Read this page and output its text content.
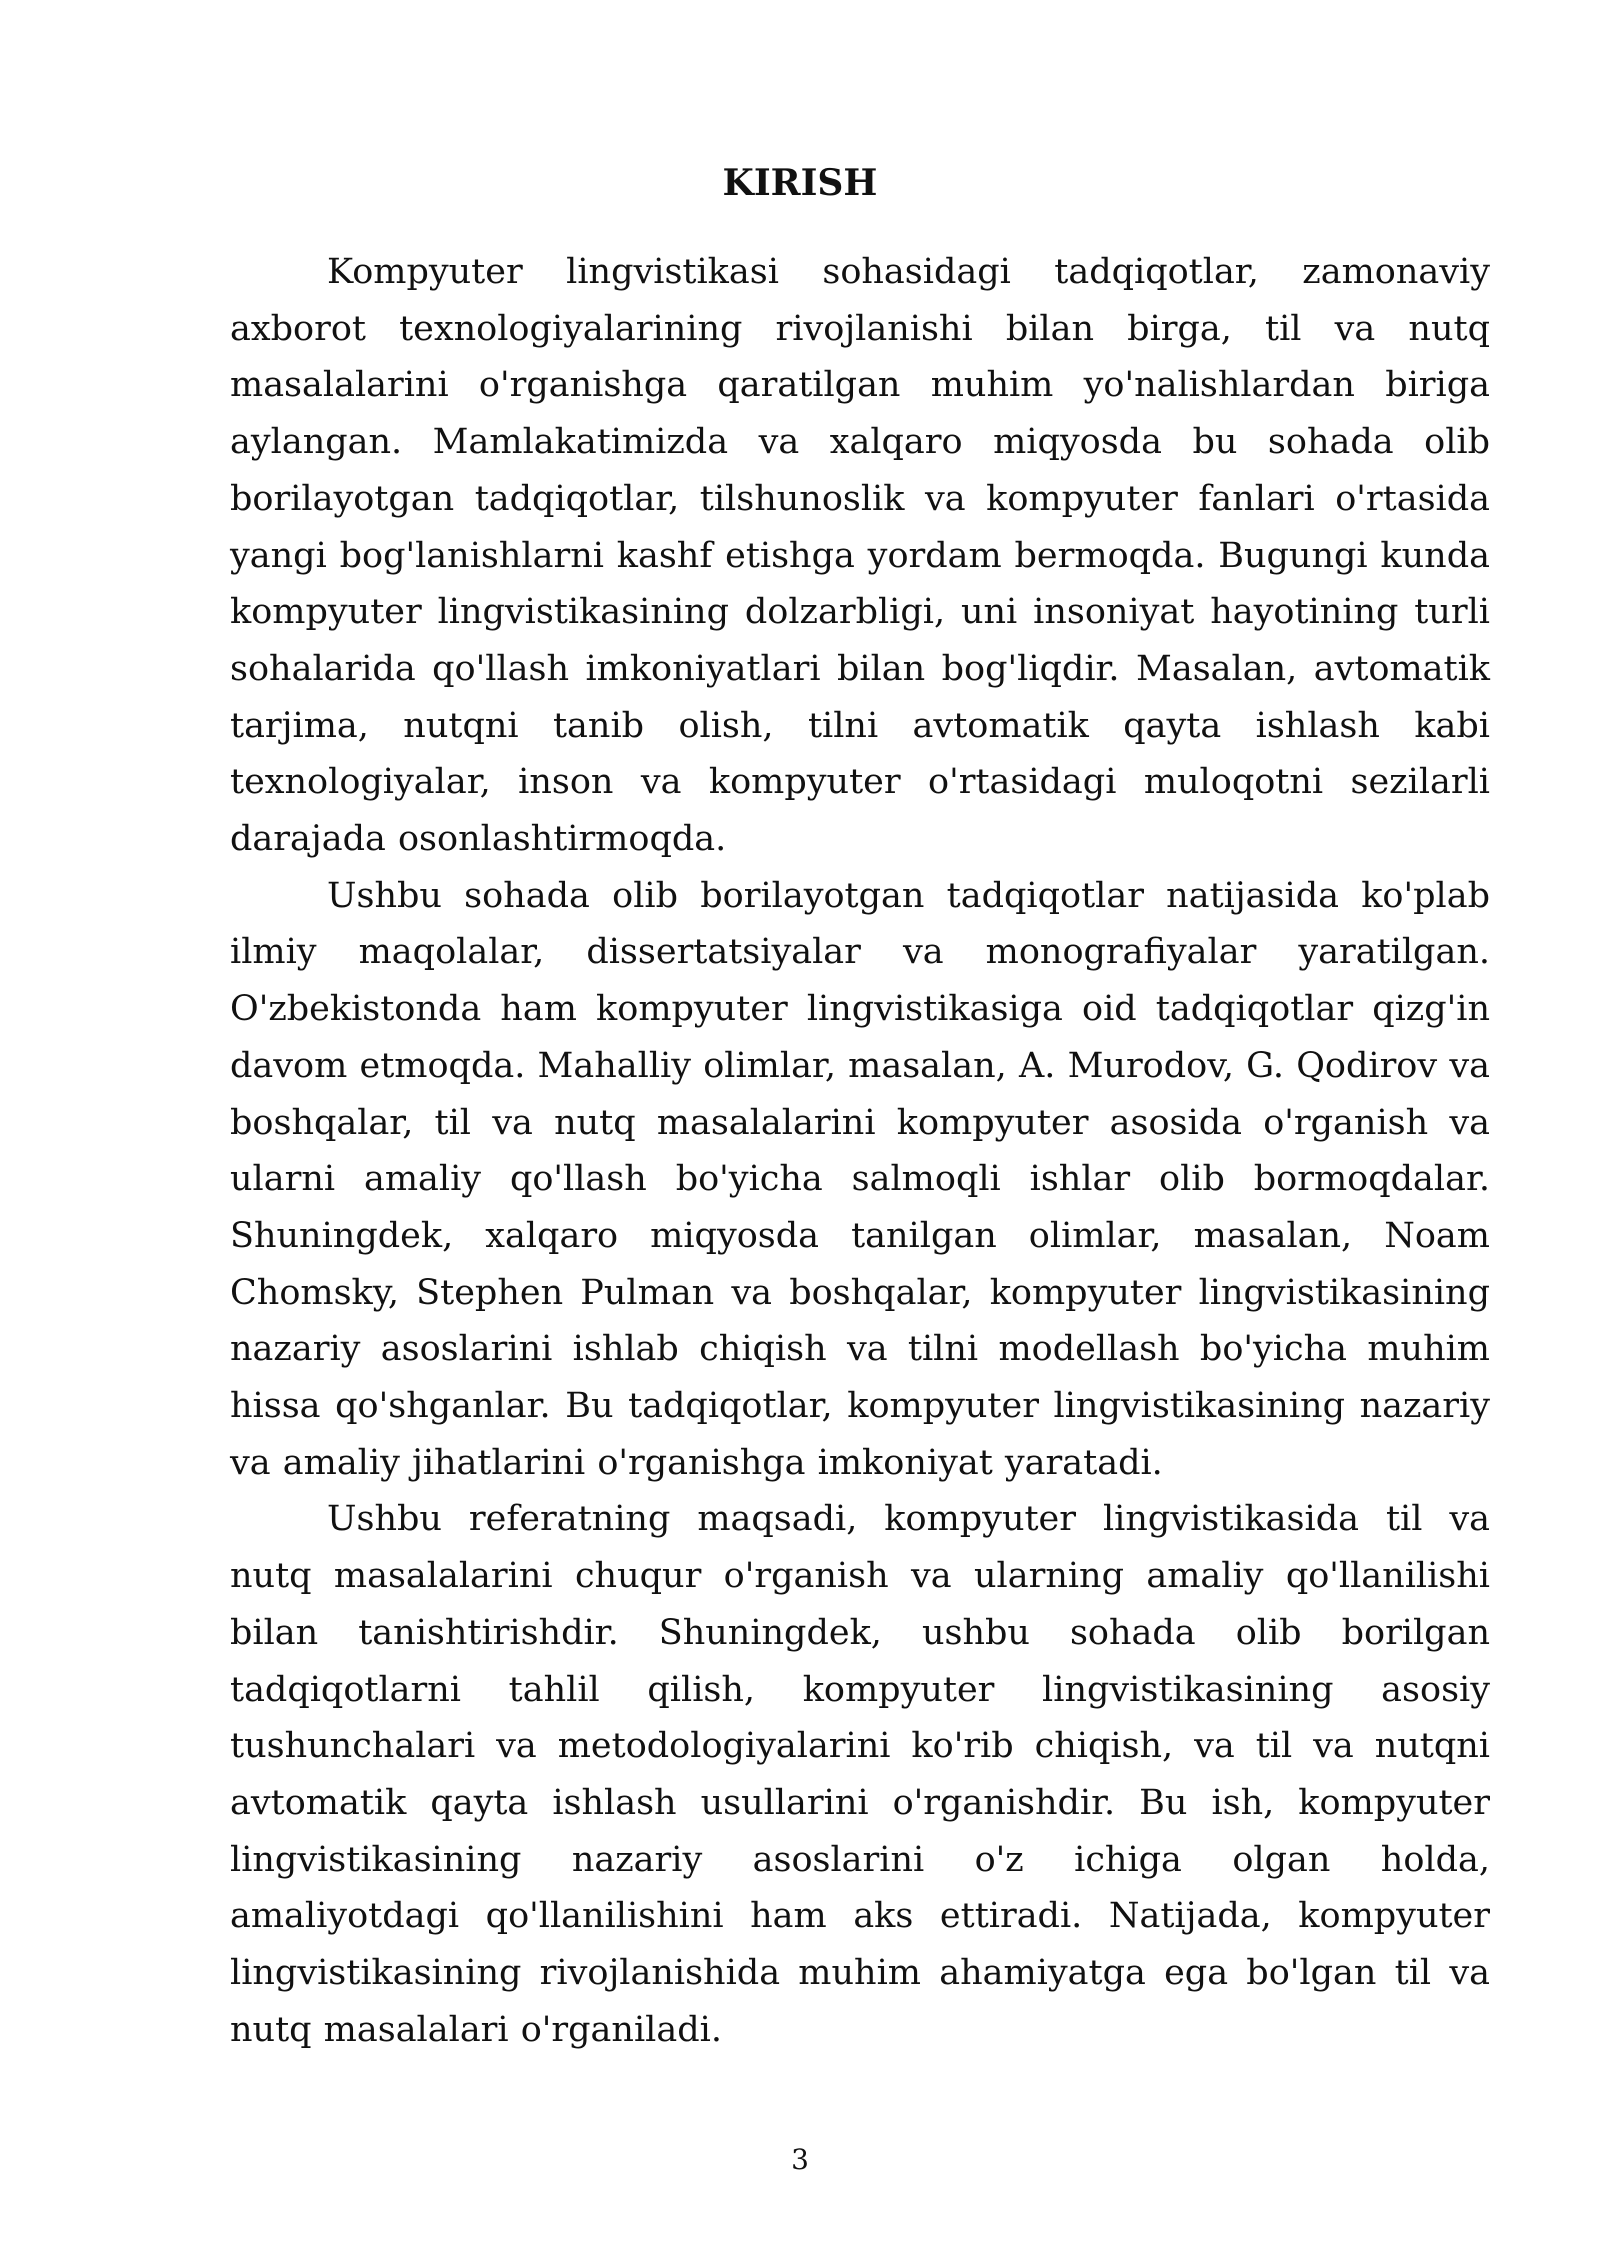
KIRISH

Kompyuter lingvistikasi sohasidagi tadqiqotlar, zamonaviy axborot texnologiyalarining rivojlanishi bilan birga, til va nutq masalalarini o'rganishga qaratilgan muhim yo'nalishlardan biriga aylangan. Mamlakatimizda va xalqaro miqyosda bu sohada olib borilayotgan tadqiqotlar, tilshunoslik va kompyuter fanlari o'rtasida yangi bog'lanishlarni kashf etishga yordam bermoqda. Bugungi kunda kompyuter lingvistikasining dolzarbligi, uni insoniyat hayotining turli sohalarida qo'llash imkoniyatlari bilan bog'liqdir. Masalan, avtomatik tarjima, nutqni tanib olish, tilni avtomatik qayta ishlash kabi texnologiyalar, inson va kompyuter o'rtasidagi muloqotni sezilarli darajada osonlashtirmoqda.

Ushbu sohada olib borilayotgan tadqiqotlar natijasida ko'plab ilmiy maqolalar, dissertatsiyalar va monografiyalar yaratilgan. O'zbekistonda ham kompyuter lingvistikasiga oid tadqiqotlar qizg'in davom etmoqda. Mahalliy olimlar, masalan, A. Murodov, G. Qodirov va boshqalar, til va nutq masalalarini kompyuter asosida o'rganish va ularni amaliy qo'llash bo'yicha salmoqli ishlar olib bormoqdalar. Shuningdek, xalqaro miqyosda tanilgan olimlar, masalan, Noam Chomsky, Stephen Pulman va boshqalar, kompyuter lingvistikasining nazariy asoslarini ishlab chiqish va tilni modellash bo'yicha muhim hissa qo'shganlar. Bu tadqiqotlar, kompyuter lingvistikasining nazariy va amaliy jihatlarini o'rganishga imkoniyat yaratadi.

Ushbu referatning maqsadi, kompyuter lingvistikasida til va nutq masalalarini chuqur o'rganish va ularning amaliy qo'llanilishi bilan tanishtirishdir. Shuningdek, ushbu sohada olib borilgan tadqiqotlarni tahlil qilish, kompyuter lingvistikasining asosiy tushunchalari va metodologiyalarini ko'rib chiqish, va til va nutqni avtomatik qayta ishlash usullarini o'rganishdir. Bu ish, kompyuter lingvistikasining nazariy asoslarini o'z ichiga olgan holda, amaliyotdagi qo'llanilishini ham aks ettiradi. Natijada, kompyuter lingvistikasining rivojlanishida muhim ahamiyatga ega bo'lgan til va nutq masalalari o'rganiladi.

3
